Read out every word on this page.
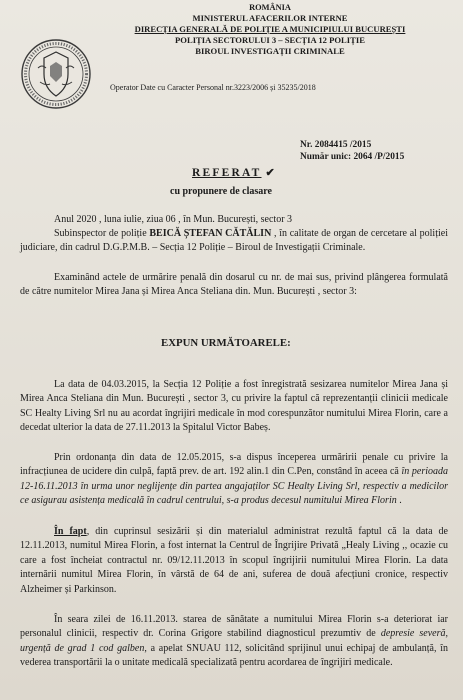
ROMÂNIA
MINISTERUL AFACERILOR INTERNE
DIRECȚIA GENERALĂ DE POLIȚIE A MUNICIPIULUI BUCUREȘTI
POLIȚIA SECTORULUI 3 – SECȚIA 12 POLIȚIE
BIROUL INVESTIGAȚII CRIMINALE
Operator Date cu Caracter Personal nr.3223/2006 și 35235/2018
Nr. 2084415 /2015
Număr unic: 2064 /P/2015
REFERAT ✔
cu propunere de clasare
Anul 2020 , luna iulie, ziua 06 , în Mun. București, sector 3
Subinspector de poliție BEICĂ ȘTEFAN CĂTĂLIN , în calitate de organ de cercetare al poliției judiciare, din cadrul D.G.P.M.B. – Secția 12 Poliție – Biroul de Investigații Criminale.
Examinând actele de urmărire penală din dosarul cu nr. de mai sus, privind plângerea formulată de către numitelor Mirea Jana și Mirea Anca Steliana din. Mun. București , sector 3:
EXPUN URMĂTOARELE:
La data de 04.03.2015, la Secția 12 Poliție a fost înregistrată sesizarea numitelor Mirea Jana și Mirea Anca Steliana din Mun. București , sector 3, cu privire la faptul că reprezentanții clinicii medicale SC Healty Living Srl nu au acordat îngrijiri medicale în mod corespunzător numitului Mirea Florin, care a decedat ulterior la data de 27.11.2013 la Spitalul Victor Babeș.
Prin ordonanța din data de 12.05.2015, s-a dispus începerea urmăririi penale cu privire la infracțiunea de ucidere din culpă, faptă prev. de art. 192 alin.1 din C.Pen, constând în aceea că în perioada 12-16.11.2013 în urma unor neglijențe din partea angajaților SC Healty Living Srl, respectiv a medicilor ce asigurau asistența medicală în cadrul centrului, s-a produs decesul numitului Mirea Florin .
În fapt, din cuprinsul sesizării și din materialul administrat rezultă faptul că la data de 12.11.2013, numitul Mirea Florin, a fost internat la Centrul de Îngrijire Privată „Healy Living ,, ocazie cu care a fost încheiat contractul nr. 09/12.11.2013 în scopul îngrijirii numitului Mirea Florin. La data internării numitul Mirea Florin, în vârstă de 64 de ani, suferea de două afecțiuni cronice, respectiv Alzheimer și Parkinson.
În seara zilei de 16.11.2013. starea de sănătate a numitului Mirea Florin s-a deteriorat iar personalul clinicii, respectiv dr. Corina Grigore stabilind diagnosticul prezumtiv de depresie severă, urgență de grad 1 cod galben, a apelat SNUAU 112, solicitând sprijinul unui echipaj de ambulanță, în vederea transportării la o unitate medicală specializată pentru acordarea de îngrijiri medicale.
